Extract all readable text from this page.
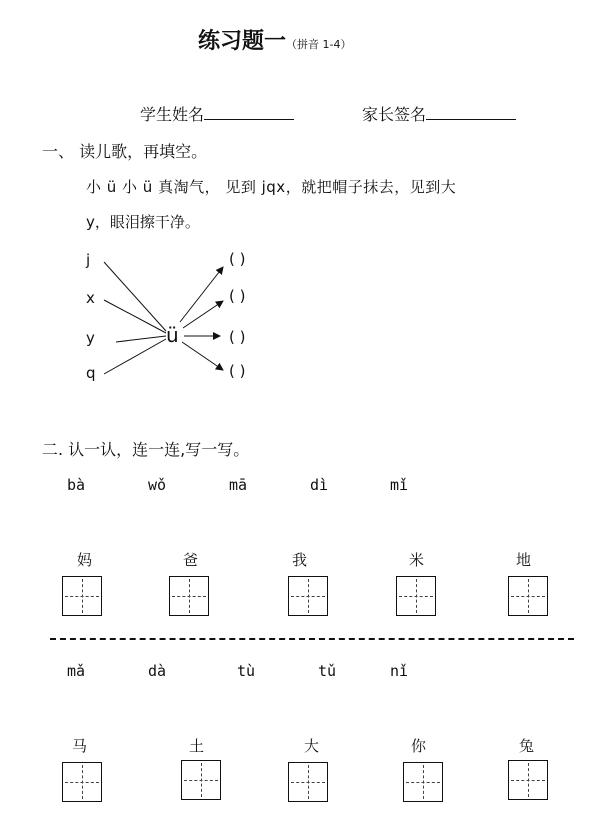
练习题一（拼音 1-4）
学生姓名	家长签名
一、 读儿歌，再填空。
小 ü 小 ü 真淘气， 见到 jqx，就把帽子抹去，见到大
y，眼泪擦干净。
j
x
y
q
ü
( )
( )
( )
( )
二. 认一认，连一连,写一写。
bà	wǒ	mā	dì	mǐ
妈	爸	我	米	地
mǎ	dà	tù	tǔ	nǐ
马	土	大	你	兔
